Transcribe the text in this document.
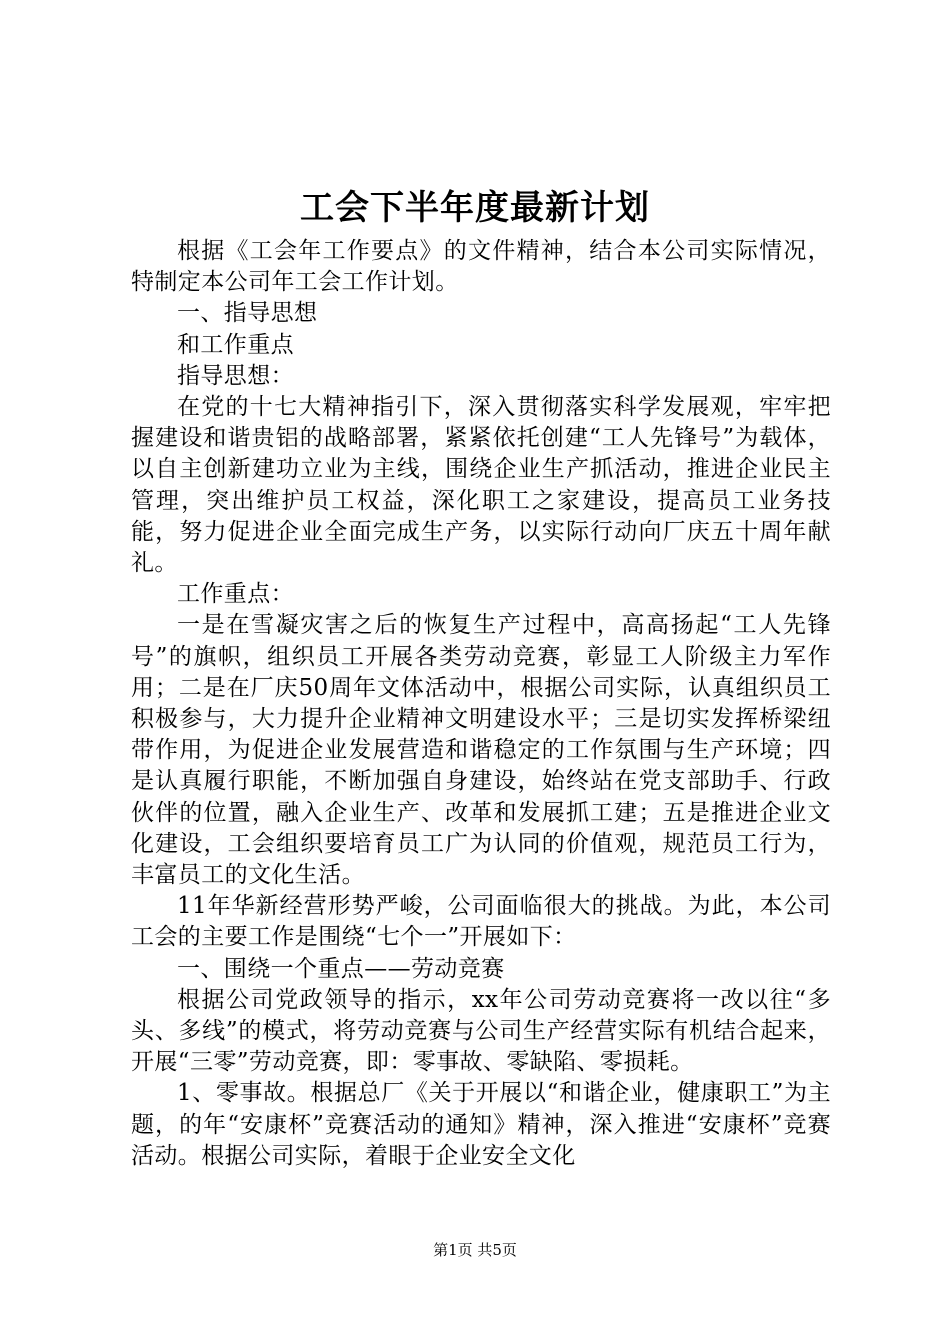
工会下半年度最新计划

根据《工会年工作要点》的文件精神，结合本公司实际情况，特制定本公司年工会工作计划。

一、指导思想

和工作重点

指导思想：

在党的十七大精神指引下，深入贯彻落实科学发展观，牢牢把握建设和谐贵铝的战略部署，紧紧依托创建“工人先锋号”为载体，以自主创新建功立业为主线，围绕企业生产抓活动，推进企业民主管理，突出维护员工权益，深化职工之家建设，提高员工业务技能，努力促进企业全面完成生产务，以实际行动向厂庆五十周年献礼。

工作重点：

一是在雪凝灾害之后的恢复生产过程中，高高扬起“工人先锋号”的旗帜，组织员工开展各类劳动竞赛，彰显工人阶级主力军作用；二是在厂庆50周年文体活动中，根据公司实际，认真组织员工积极参与，大力提升企业精神文明建设水平；三是切实发挥桥梁纽带作用，为促进企业发展营造和谐稳定的工作氛围与生产环境；四是认真履行职能，不断加强自身建设，始终站在党支部助手、行政伙伴的位置，融入企业生产、改革和发展抓工建；五是推进企业文化建设，工会组织要培育员工广为认同的价值观，规范员工行为，丰富员工的文化生活。

11年华新经营形势严峻，公司面临很大的挑战。为此，本公司工会的主要工作是围绕“七个一”开展如下：

一、围绕一个重点——劳动竞赛

根据公司党政领导的指示，xx年公司劳动竞赛将一改以往“多头、多线”的模式，将劳动竞赛与公司生产经营实际有机结合起来，开展“三零”劳动竞赛，即：零事故、零缺陷、零损耗。

1、零事故。根据总厂《关于开展以“和谐企业，健康职工”为主题，的年“安康杯”竞赛活动的通知》精神，深入推进“安康杯”竞赛活动。根据公司实际，着眼于企业安全文化

第1页 共5页
